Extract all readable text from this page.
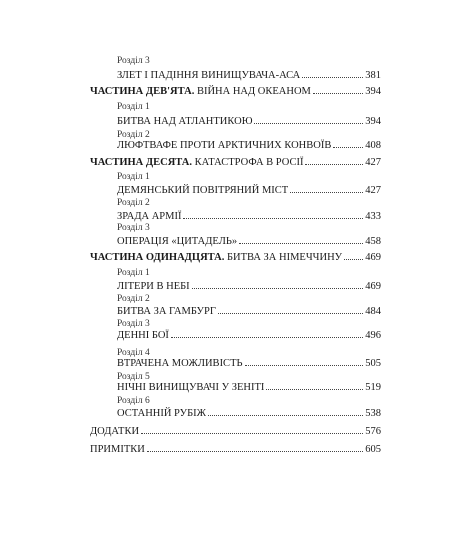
Розділ 3
ЗЛЕТ І ПАДІННЯ ВИНИЩУВАЧА-АСА	381
ЧАСТИНА ДЕВ'ЯТА. ВІЙНА НАД ОКЕАНОМ	394
Розділ 1
БИТВА НАД АТЛАНТИКОЮ	394
Розділ 2
ЛЮФТВАФЕ ПРОТИ АРКТИЧНИХ КОНВОЇВ	408
ЧАСТИНА ДЕСЯТА. КАТАСТРОФА В РОСІЇ	427
Розділ 1
ДЕМЯНСЬКИЙ ПОВІТРЯНИЙ МІСТ	427
Розділ 2
ЗРАДА АРМІЇ	433
Розділ 3
ОПЕРАЦІЯ «ЦИТАДЕЛЬ»	458
ЧАСТИНА ОДИНАДЦЯТА. БИТВА ЗА НІМЕЧЧИНУ 469
Розділ 1
ЛІТЕРИ В НЕБІ	469
Розділ 2
БИТВА ЗА ГАМБУРГ	484
Розділ 3
ДЕННІ БОЇ	496
Розділ 4
ВТРАЧЕНА МОЖЛИВІСТЬ	505
Розділ 5
НІЧНІ ВИНИЩУВАЧІ У ЗЕНІТІ	519
Розділ 6
ОСТАННІЙ РУБІЖ	538
ДОДАТКИ	576
ПРИМІТКИ	605
